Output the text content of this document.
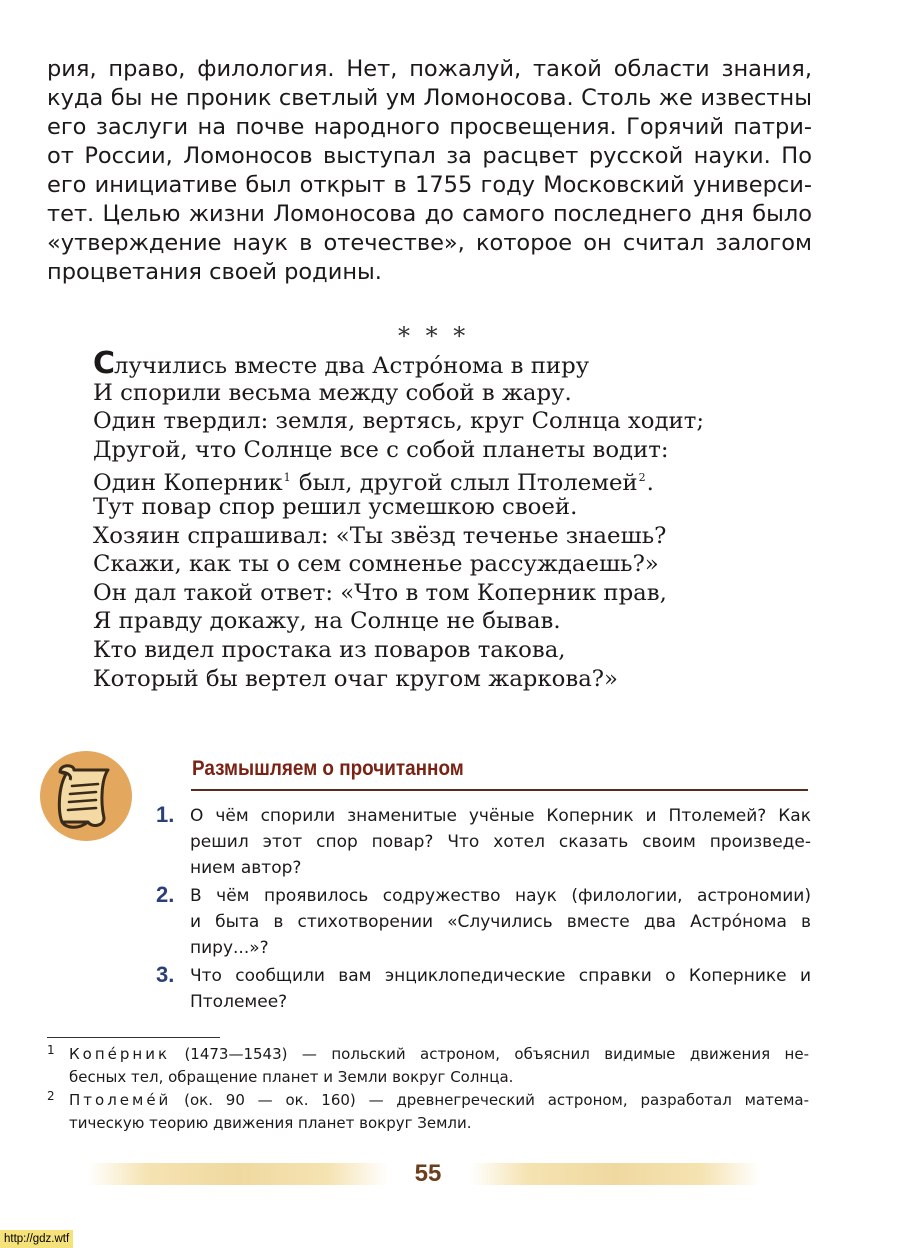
рия, право, филология. Нет, пожалуй, такой области знания,
куда бы не проник светлый ум Ломоносова. Столь же известны
его заслуги на почве народного просвещения. Горячий патри-
от России, Ломоносов выступал за расцвет русской науки. По
его инициативе был открыт в 1755 году Московский универси-
тет. Целью жизни Ломоносова до самого последнего дня было
«утверждение наук в отечестве», которое он считал залогом
процветания своей родины.
* * *
Случились вместе два Астрóнома в пиру
И спорили весьма между собой в жару.
Один твердил: земля, вертясь, круг Солнца ходит;
Другой, что Солнце все с собой планеты водит:
Один Коперник$^1$ был, другой слыл Птолемей$^2$.
Тут повар спор решил усмешкою своей.
Хозяин спрашивал: «Ты звёзд теченье знаешь?
Скажи, как ты о сем сомненье рассуждаешь?»
Он дал такой ответ: «Что в том Коперник прав,
Я правду докажу, на Солнце не бывав.
Кто видел простака из поваров такова,
Который бы вертел очаг кругом жаркова?»
Размышляем о прочитанном
1. О чём спорили знаменитые учёные Коперник и Птолемей? Как
решил этот спор повар? Что хотел сказать своим произведе-
нием автор?
2. В чём проявилось содружество наук (филологии, астрономии)
и быта в стихотворении «Случились вместе два Астрóнома в
пиру...»?
3. Что сообщили вам энциклопедические справки о Копернике и
Птолемее?
1 Копéрник (1473—1543) — польский астроном, объяснил видимые движения не-
бесных тел, обращение планет и Земли вокруг Солнца.
2 Птолемéй (ок. 90 — ок. 160) — древнегреческий астроном, разработал матема-
тическую теорию движения планет вокруг Земли.
55
http://gdz.wtf
